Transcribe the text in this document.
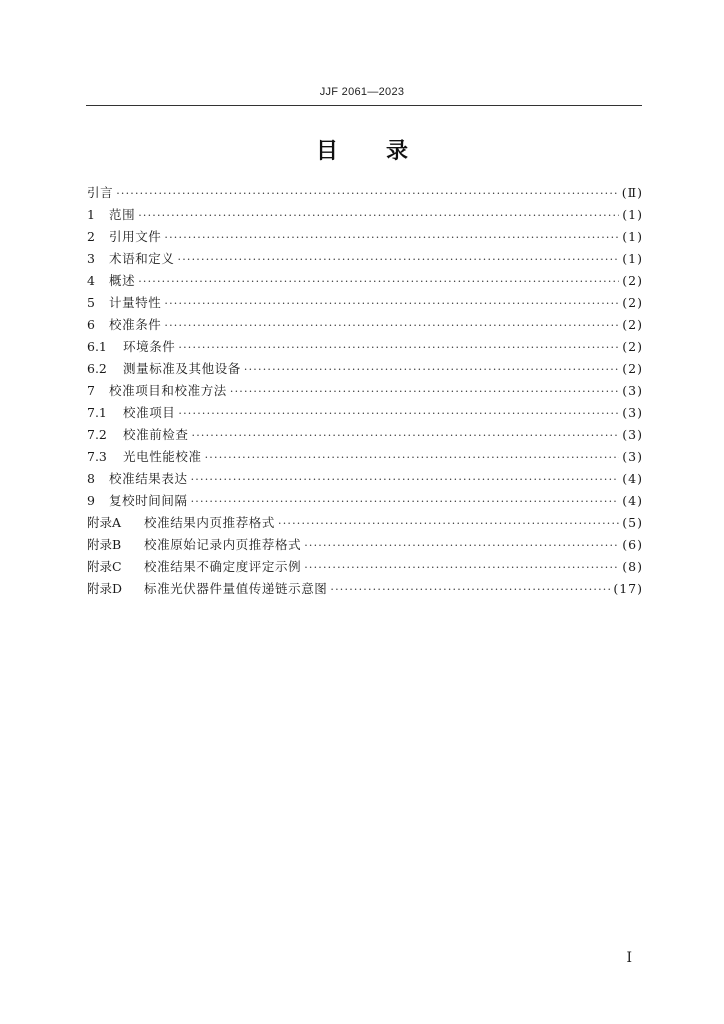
JJF 2061—2023
目 录
引言 ·····	(Ⅱ)
1	范围 ·····	(1)
2	引用文件 ·····	(1)
3	术语和定义 ·····	(1)
4	概述 ·····	(2)
5	计量特性 ·····	(2)
6	校准条件 ·····	(2)
6.1	环境条件 ·····	(2)
6.2	测量标准及其他设备 ·····	(2)
7	校准项目和校准方法 ·····	(3)
7.1	校准项目 ·····	(3)
7.2	校准前检查 ·····	(3)
7.3	光电性能校准 ·····	(3)
8	校准结果表达 ·····	(4)
9	复校时间间隔 ·····	(4)
附录A	校准结果内页推荐格式 ·····	(5)
附录B	校准原始记录内页推荐格式 ·····	(6)
附录C	校准结果不确定度评定示例 ·····	(8)
附录D	标准光伏器件量值传递链示意图 ·····	(17)
Ⅰ
